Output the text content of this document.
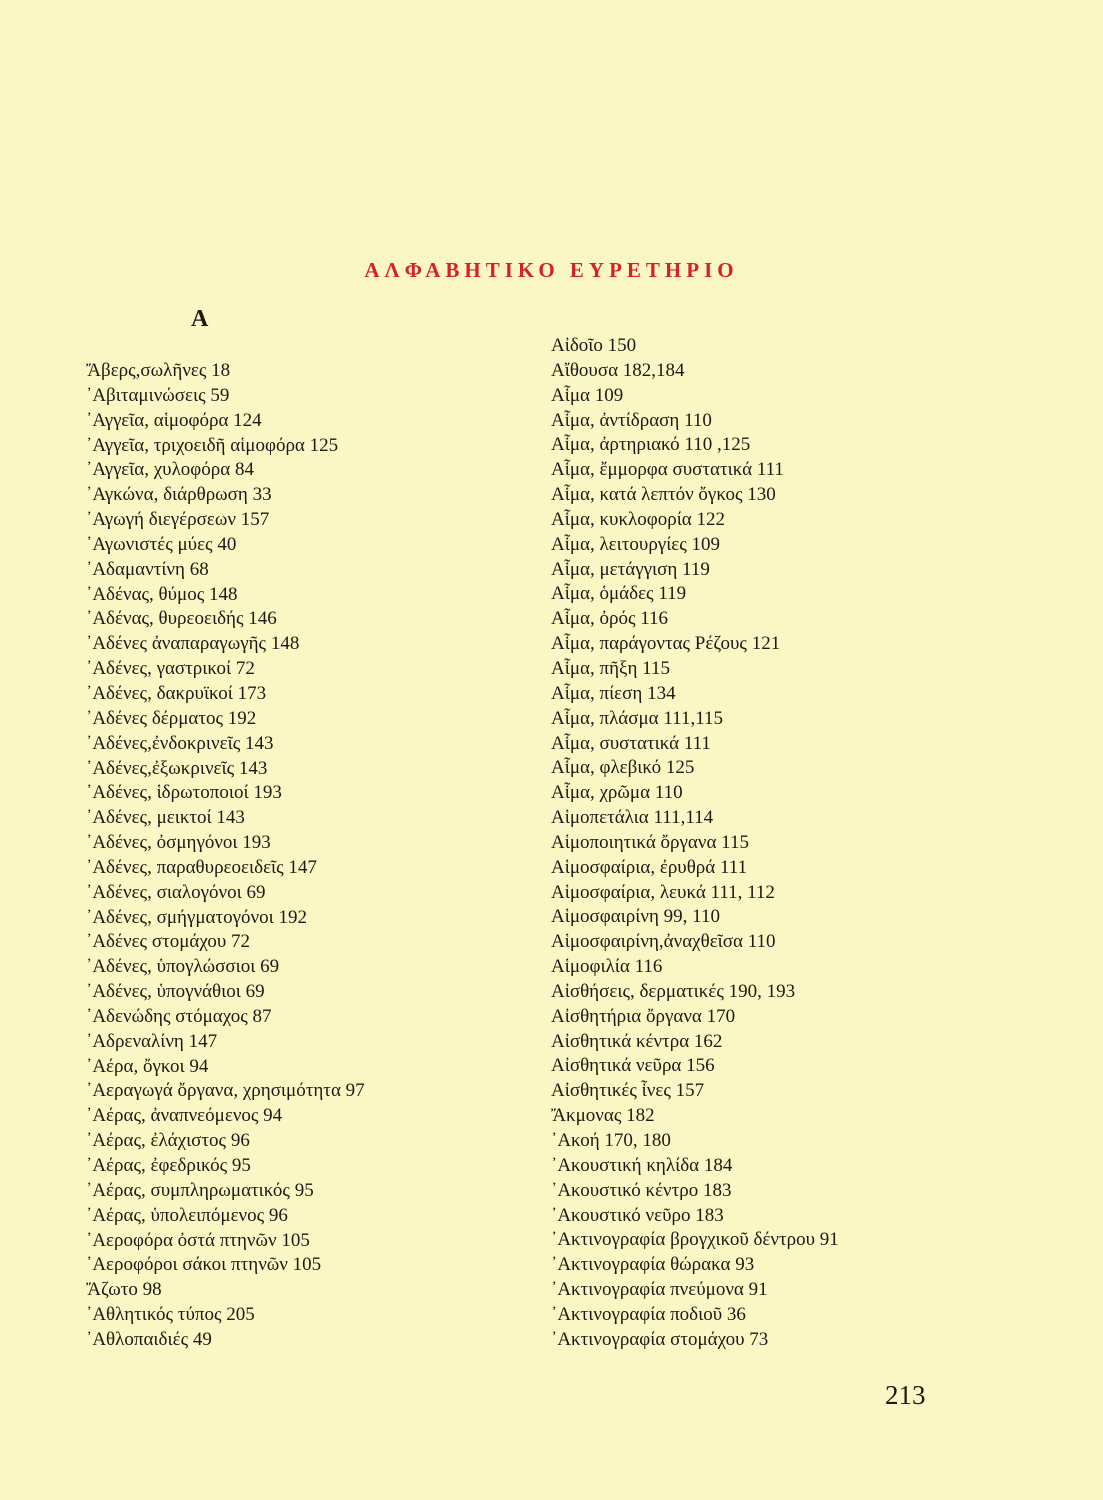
ΑΛΦΑΒΗΤΙΚΟ ΕΥΡΕΤΗΡΙΟ
Α
Ἄβερς,σωλῆνες 18
᾿Αβιταμινώσεις 59
᾿Αγγεῖα, αἱμοφόρα 124
᾿Αγγεῖα, τριχοειδῆ αἱμοφόρα 125
᾿Αγγεῖα, χυλοφόρα 84
᾿Αγκώνα, διάρθρωση 33
᾿Αγωγή διεγέρσεων 157
᾿Αγωνιστές μύες 40
᾿Αδαμαντίνη 68
᾿Αδένας, θύμος 148
᾿Αδένας, θυρεοειδής 146
᾿Αδένες ἀναπαραγωγῆς 148
᾿Αδένες, γαστρικοί 72
᾿Αδένες, δακρυϊκοί 173
᾿Αδένες δέρματος 192
᾿Αδένες,ἐνδοκρινεῖς 143
᾿Αδένες,ἐξωκρινεῖς 143
᾿Αδένες, ἱδρωτοποιοί 193
᾿Αδένες, μεικτοί 143
᾿Αδένες, ὀσμηγόνοι 193
᾿Αδένες, παραθυρεοειδεῖς 147
᾿Αδένες, σιαλογόνοι 69
᾿Αδένες, σμήγματογόνοι 192
᾿Αδένες στομάχου 72
᾿Αδένες, ὑπογλώσσιοι 69
᾿Αδένες, ὑπογνάθιοι 69
᾿Αδενώδης στόμαχος 87
᾿Αδρεναλίνη 147
᾿Αέρα, ὄγκοι 94
᾿Αεραγωγά ὄργανα, χρησιμότητα 97
᾿Αέρας, ἀναπνεόμενος 94
᾿Αέρας, ἐλάχιστος 96
᾿Αέρας, ἐφεδρικός 95
᾿Αέρας, συμπληρωματικός 95
᾿Αέρας, ὑπολειπόμενος 96
᾿Αεροφόρα ὀστά πτηνῶν 105
᾿Αεροφόροι σάκοι πτηνῶν 105
Ἄζωτο 98
᾿Αθλητικός τύπος 205
᾿Αθλοπαιδιές 49
Αἰδοῖο 150
Αἴθουσα 182,184
Αἷμα 109
Αἷμα, ἀντίδραση 110
Αἷμα, ἀρτηριακό 110 ,125
Αἷμα, ἔμμορφα συστατικά 111
Αἷμα, κατά λεπτόν ὄγκος 130
Αἷμα, κυκλοφορία 122
Αἷμα, λειτουργίες 109
Αἷμα, μετάγγιση 119
Αἷμα, ὁμάδες 119
Αἷμα, ὀρός 116
Αἷμα, παράγοντας Ρέζους 121
Αἷμα, πῆξη 115
Αἷμα, πίεση 134
Αἷμα, πλάσμα 111,115
Αἷμα, συστατικά 111
Αἷμα, φλεβικό 125
Αἷμα, χρῶμα 110
Αἱμοπετάλια 111,114
Αἱμοποιητικά ὄργανα 115
Αἱμοσφαίρια, ἐρυθρά 111
Αἱμοσφαίρια, λευκά 111, 112
Αἱμοσφαιρίνη 99, 110
Αἱμοσφαιρίνη,ἀναχθεῖσα 110
Αἱμοφιλία 116
Αἰσθήσεις, δερματικές 190, 193
Αἰσθητήρια ὄργανα 170
Αἰσθητικά κέντρα 162
Αἰσθητικά νεῦρα 156
Αἰσθητικές ἶνες 157
Ἄκμονας 182
᾿Ακοή 170, 180
᾿Ακουστική κηλίδα 184
᾿Ακουστικό κέντρο 183
᾿Ακουστικό νεῦρο 183
᾿Ακτινογραφία βρογχικοῦ δέντρου 91
᾿Ακτινογραφία θώρακα 93
᾿Ακτινογραφία πνεύμονα 91
᾿Ακτινογραφία ποδιοῦ 36
᾿Ακτινογραφία στομάχου 73
213
